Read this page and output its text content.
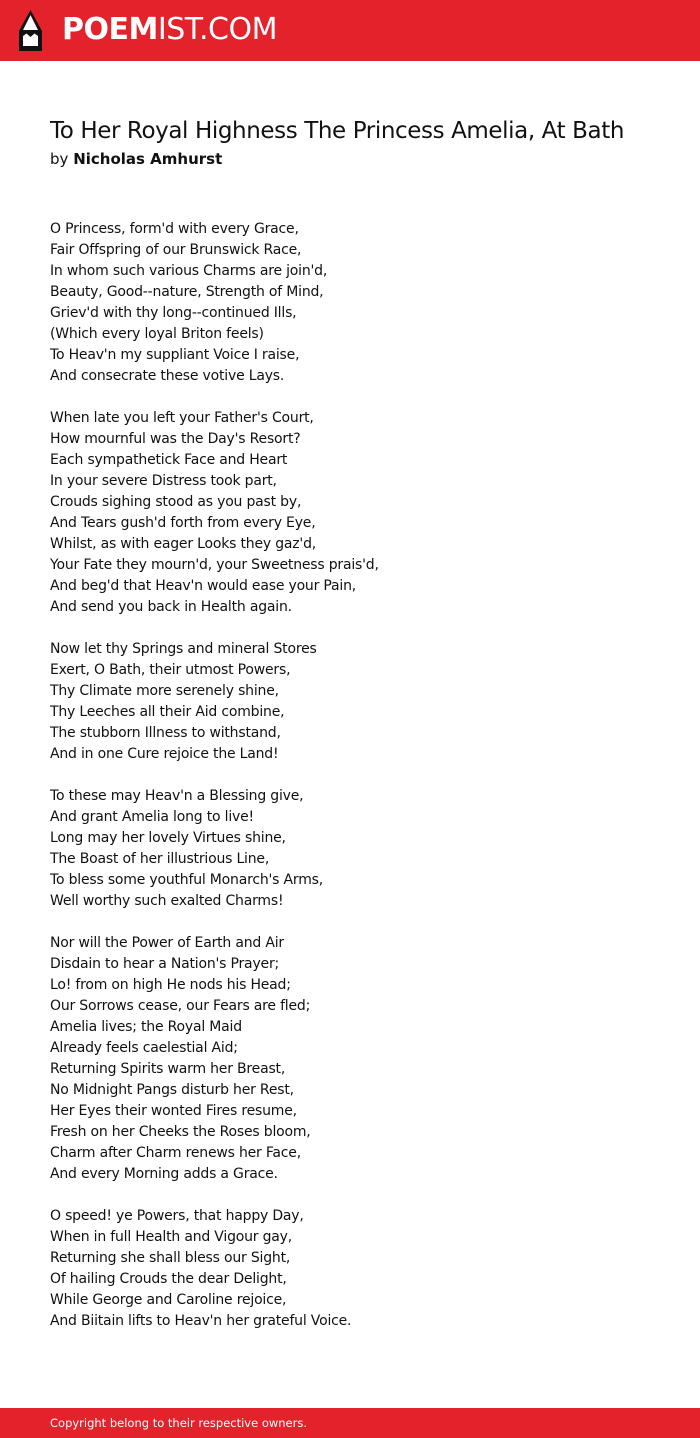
POEMIST.COM
To Her Royal Highness The Princess Amelia, At Bath
by Nicholas Amhurst
O Princess, form'd with every Grace,
Fair Offspring of our Brunswick Race,
In whom such various Charms are join'd,
Beauty, Good--nature, Strength of Mind,
Griev'd with thy long--continued Ills,
(Which every loyal Briton feels)
To Heav'n my suppliant Voice I raise,
And consecrate these votive Lays.
When late you left your Father's Court,
How mournful was the Day's Resort?
Each sympathetick Face and Heart
In your severe Distress took part,
Crouds sighing stood as you past by,
And Tears gush'd forth from every Eye,
Whilst, as with eager Looks they gaz'd,
Your Fate they mourn'd, your Sweetness prais'd,
And beg'd that Heav'n would ease your Pain,
And send you back in Health again.
Now let thy Springs and mineral Stores
Exert, O Bath, their utmost Powers,
Thy Climate more serenely shine,
Thy Leeches all their Aid combine,
The stubborn Illness to withstand,
And in one Cure rejoice the Land!
To these may Heav'n a Blessing give,
And grant Amelia long to live!
Long may her lovely Virtues shine,
The Boast of her illustrious Line,
To bless some youthful Monarch's Arms,
Well worthy such exalted Charms!
Nor will the Power of Earth and Air
Disdain to hear a Nation's Prayer;
Lo! from on high He nods his Head;
Our Sorrows cease, our Fears are fled;
Amelia lives; the Royal Maid
Already feels caelestial Aid;
Returning Spirits warm her Breast,
No Midnight Pangs disturb her Rest,
Her Eyes their wonted Fires resume,
Fresh on her Cheeks the Roses bloom,
Charm after Charm renews her Face,
And every Morning adds a Grace.
O speed! ye Powers, that happy Day,
When in full Health and Vigour gay,
Returning she shall bless our Sight,
Of hailing Crouds the dear Delight,
While George and Caroline rejoice,
And Biitain lifts to Heav'n her grateful Voice.
Copyright belong to their respective owners.
